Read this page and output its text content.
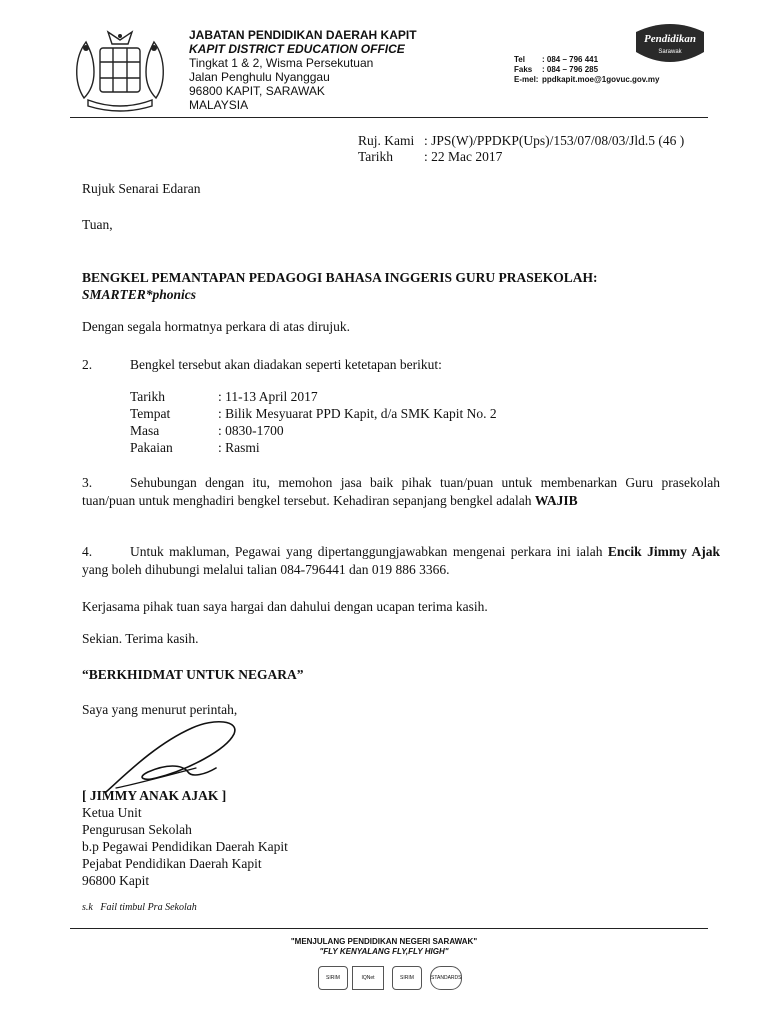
JABATAN PENDIDIKAN DAERAH KAPIT
KAPIT DISTRICT EDUCATION OFFICE
Tingkat 1 & 2, Wisma Persekutuan
Jalan Penghulu Nyanggau
96800 KAPIT, SARAWAK
MALAYSIA
Tel : 084 – 796 441
Faks : 084 – 796 285
E-mel: ppdkapit.moe@1govuc.gov.my
Pendidikan
Sarawak
Ruj. Kami : JPS(W)/PPDKP(Ups)/153/07/08/03/Jld.5 (46 )
Tarikh : 22 Mac 2017
Rujuk Senarai Edaran
Tuan,
BENGKEL PEMANTAPAN PEDAGOGI BAHASA INGGERIS GURU PRASEKOLAH:
SMARTER*phonics
Dengan segala hormatnya perkara di atas dirujuk.
2.	Bengkel tersebut akan diadakan seperti ketetapan berikut:
Tarikh	: 11-13 April 2017
Tempat	: Bilik Mesyuarat PPD Kapit, d/a SMK Kapit No. 2
Masa	: 0830-1700
Pakaian	: Rasmi
3.	Sehubungan dengan itu, memohon jasa baik pihak tuan/puan untuk membenarkan Guru prasekolah tuan/puan untuk menghadiri bengkel tersebut. Kehadiran sepanjang bengkel adalah WAJIB
4.	Untuk makluman, Pegawai yang dipertanggungjawabkan mengenai perkara ini ialah Encik Jimmy Ajak yang boleh dihubungi melalui talian 084-796441 dan 019 886 3366.
Kerjasama pihak tuan saya hargai dan dahului dengan ucapan terima kasih.
Sekian. Terima kasih.
“BERKHIDMAT UNTUK NEGARA”
Saya yang menurut perintah,
[ JIMMY ANAK AJAK ]
Ketua Unit
Pengurusan Sekolah
b.p Pegawai Pendidikan Daerah Kapit
Pejabat Pendidikan Daerah Kapit
96800 Kapit
s.k Fail timbul Pra Sekolah
"MENJULANG PENDIDIKAN NEGERI SARAWAK"
"FLY KENYALANG FLY,FLY HIGH"
SIRIM	IQNet	SIRIM	STANDARDS
